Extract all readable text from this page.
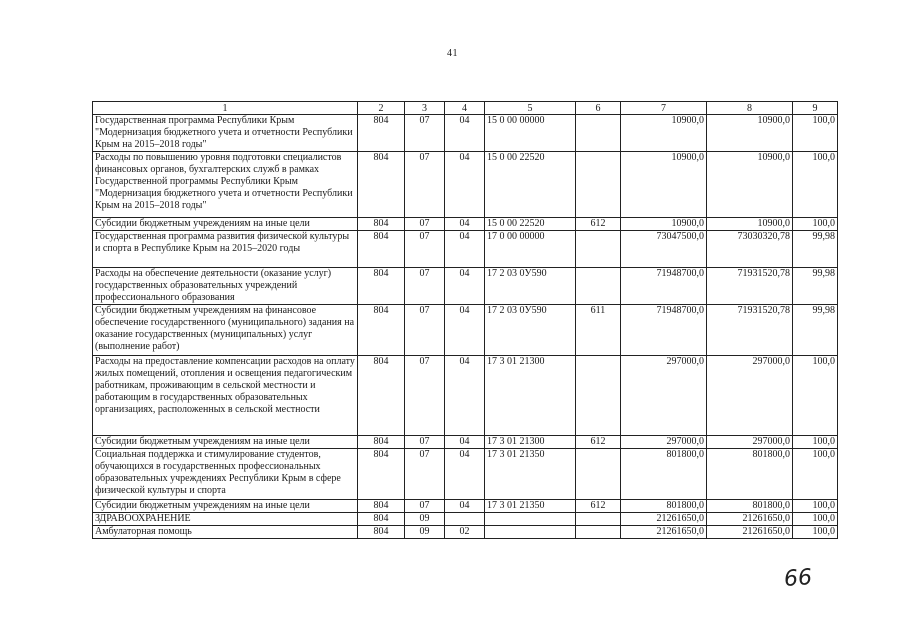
41
1	2	3	4	5	6	7	8	9
Государственная программа Республики Крым "Модернизация бюджетного учета и отчетности Республики Крым на 2015–2018 годы"	804	07	04	15 0 00 00000		10900,0	10900,0	100,0
Расходы по повышению уровня подготовки специалистов финансовых органов, бухгалтерских служб в рамках Государственной программы Республики Крым "Модернизация бюджетного учета и отчетности Республики Крым на 2015–2018 годы"	804	07	04	15 0 00 22520		10900,0	10900,0	100,0
Субсидии бюджетным учреждениям на иные цели	804	07	04	15 0 00 22520	612	10900,0	10900,0	100,0
Государственная программа развития физической культуры и спорта в Республике Крым на 2015–2020 годы	804	07	04	17 0 00 00000		73047500,0	73030320,78	99,98
Расходы на обеспечение деятельности (оказание услуг) государственных образовательных учреждений профессионального образования	804	07	04	17 2 03 0У590		71948700,0	71931520,78	99,98
Субсидии бюджетным учреждениям на финансовое обеспечение государственного (муниципального) задания на оказание государственных (муниципальных) услуг (выполнение работ)	804	07	04	17 2 03 0У590	611	71948700,0	71931520,78	99,98
Расходы на предоставление компенсации расходов на оплату жилых помещений, отопления и освещения педагогическим работникам, проживающим в сельской местности и работающим в государственных образовательных организациях, расположенных в сельской местности	804	07	04	17 3 01 21300		297000,0	297000,0	100,0
Субсидии бюджетным учреждениям на иные цели	804	07	04	17 3 01 21300	612	297000,0	297000,0	100,0
Социальная поддержка и стимулирование студентов, обучающихся в государственных профессиональных образовательных учреждениях Республики Крым в сфере физической культуры и спорта	804	07	04	17 3 01 21350		801800,0	801800,0	100,0
Субсидии бюджетным учреждениям на иные цели	804	07	04	17 3 01 21350	612	801800,0	801800,0	100,0
ЗДРАВООХРАНЕНИЕ	804	09				21261650,0	21261650,0	100,0
Амбулаторная помощь	804	09	02			21261650,0	21261650,0	100,0
66
